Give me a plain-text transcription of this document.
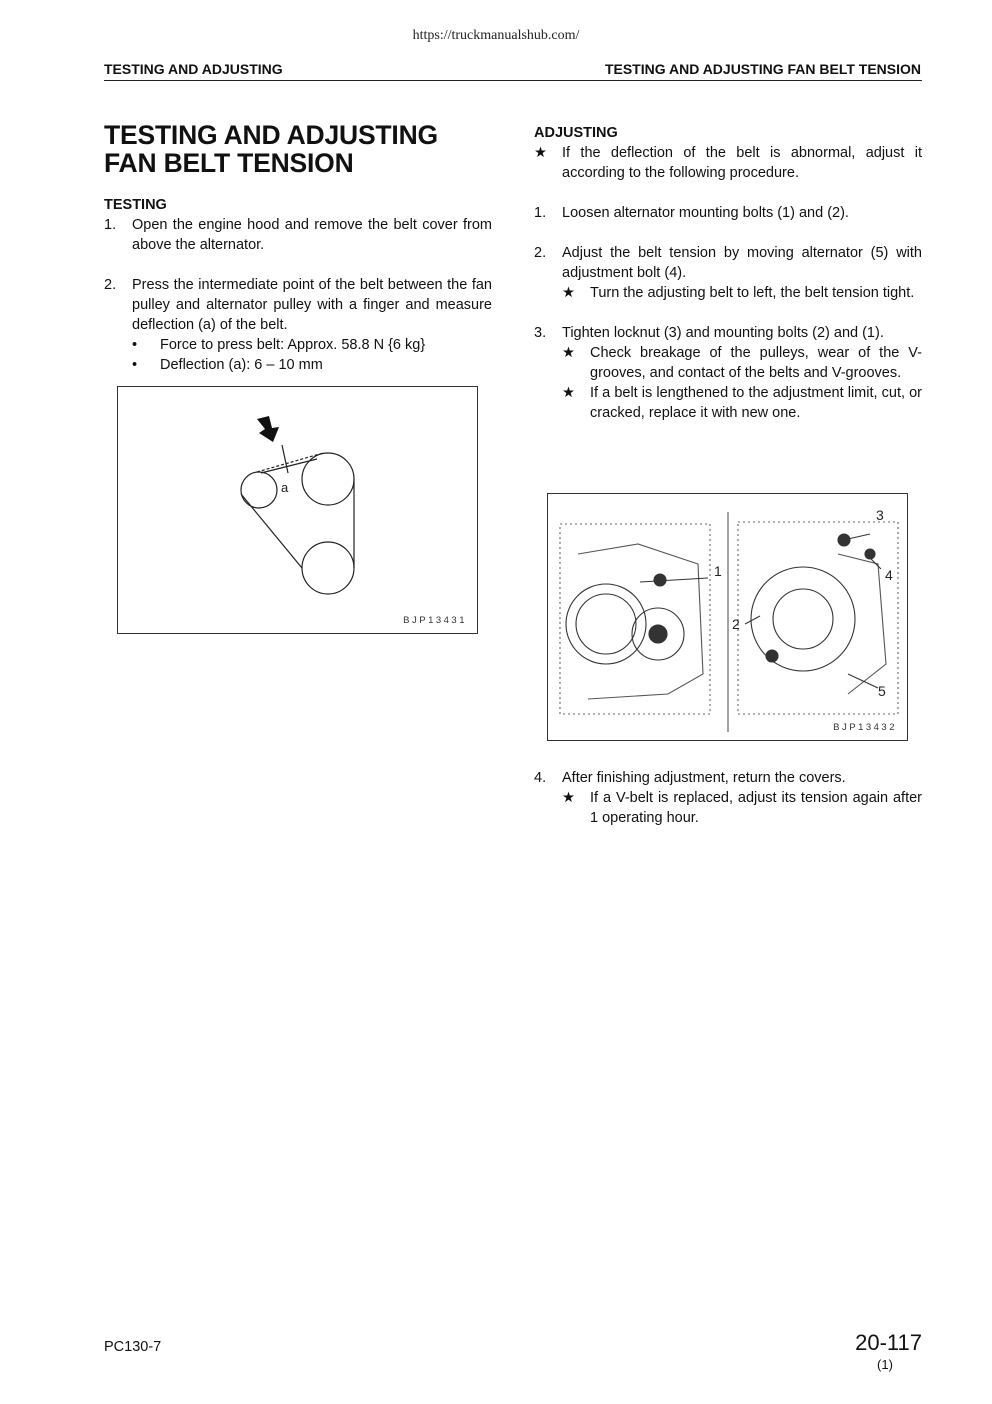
https://truckmanualshub.com/
TESTING AND ADJUSTING	TESTING AND ADJUSTING FAN BELT TENSION
TESTING AND ADJUSTING
FAN BELT TENSION
TESTING
1. Open the engine hood and remove the belt cover from above the alternator.
2. Press the intermediate point of the belt between the fan pulley and alternator pulley with a finger and measure deflection (a) of the belt.
• Force to press belt: Approx. 58.8 N {6 kg}
• Deflection (a): 6 – 10 mm
a
BJP13431
ADJUSTING
★ If the deflection of the belt is abnormal, adjust it according to the following procedure.
1. Loosen alternator mounting bolts (1) and (2).
2. Adjust the belt tension by moving alternator (5) with adjustment bolt (4).
★ Turn the adjusting belt to left, the belt tension tight.
3. Tighten locknut (3) and mounting bolts (2) and (1).
★ Check breakage of the pulleys, wear of the V-grooves, and contact of the belts and V-grooves.
★ If a belt is lengthened to the adjustment limit, cut, or cracked, replace it with new one.
1
2
3
4
5
BJP13432
4. After finishing adjustment, return the covers.
★ If a V-belt is replaced, adjust its tension again after 1 operating hour.
PC130-7	20-117
(1)
